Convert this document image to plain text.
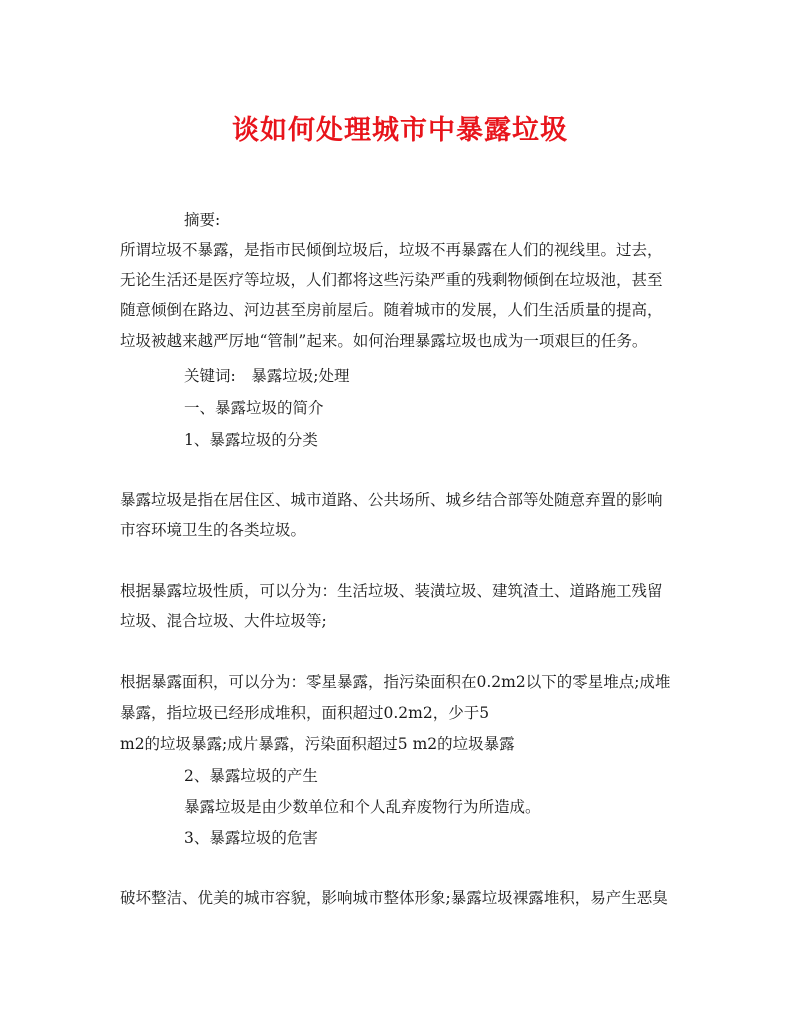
谈如何处理城市中暴露垃圾
摘要:
所谓垃圾不暴露，是指市民倾倒垃圾后，垃圾不再暴露在人们的视线里。过去，
无论生活还是医疗等垃圾，人们都将这些污染严重的残剩物倾倒在垃圾池，甚至
随意倾倒在路边、河边甚至房前屋后。随着城市的发展，人们生活质量的提高，
垃圾被越来越严厉地“管制”起来。如何治理暴露垃圾也成为一项艰巨的任务。
关键词:　暴露垃圾;处理
一、暴露垃圾的简介
1、暴露垃圾的分类
暴露垃圾是指在居住区、城市道路、公共场所、城乡结合部等处随意弃置的影响
市容环境卫生的各类垃圾。
根据暴露垃圾性质，可以分为：生活垃圾、装潢垃圾、建筑渣土、道路施工残留
垃圾、混合垃圾、大件垃圾等;
根据暴露面积，可以分为：零星暴露，指污染面积在0.2m2以下的零星堆点;成堆
暴露，指垃圾已经形成堆积，面积超过0.2m2，少于5
m2的垃圾暴露;成片暴露，污染面积超过5 m2的垃圾暴露
2、暴露垃圾的产生
暴露垃圾是由少数单位和个人乱弃废物行为所造成。
3、暴露垃圾的危害
破坏整洁、优美的城市容貌，影响城市整体形象;暴露垃圾裸露堆积，易产生恶臭
